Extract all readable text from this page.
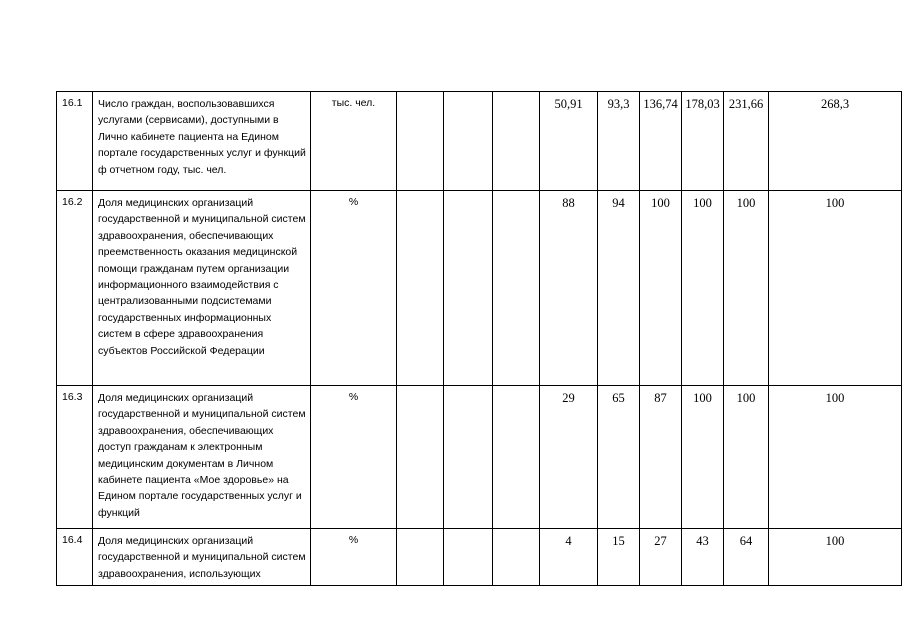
16.1	Число граждан, воспользовавшихся услугами (сервисами), доступными в Лично кабинете пациента на Едином портале государственных услуг и функций ф отчетном году, тыс. чел.	тыс. чел.				50,91	93,3	136,74	178,03	231,66	268,3
16.2	Доля медицинских организаций государственной и муниципальной систем здравоохранения, обеспечивающих преемственность оказания медицинской помощи гражданам путем организации информационного взаимодействия с централизованными подсистемами государственных информационных систем в сфере здравоохранения субъектов Российской Федерации	%				88	94	100	100	100	100
16.3	Доля медицинских организаций государственной и муниципальной систем здравоохранения, обеспечивающих доступ гражданам к электронным медицинским документам в Личном кабинете пациента «Мое здоровье» на Едином портале государственных услуг и функций	%				29	65	87	100	100	100
16.4	Доля медицинских организаций государственной и муниципальной систем здравоохранения, использующих	%				4	15	27	43	64	100
